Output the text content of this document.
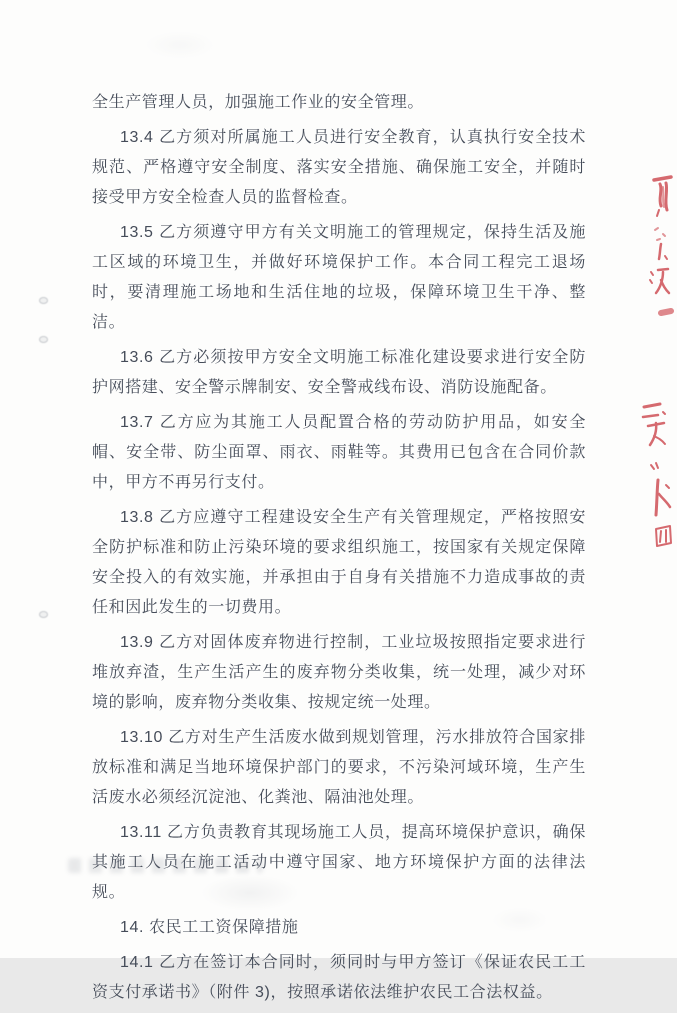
全生产管理人员，加强施工作业的安全管理。

13.4 乙方须对所属施工人员进行安全教育，认真执行安全技术规范、严格遵守安全制度、落实安全措施、确保施工安全，并随时接受甲方安全检查人员的监督检查。

13.5 乙方须遵守甲方有关文明施工的管理规定，保持生活及施工区域的环境卫生，并做好环境保护工作。本合同工程完工退场时，要清理施工场地和生活住地的垃圾，保障环境卫生干净、整洁。

13.6 乙方必须按甲方安全文明施工标准化建设要求进行安全防护网搭建、安全警示牌制安、安全警戒线布设、消防设施配备。

13.7 乙方应为其施工人员配置合格的劳动防护用品，如安全帽、安全带、防尘面罩、雨衣、雨鞋等。其费用已包含在合同价款中，甲方不再另行支付。

13.8 乙方应遵守工程建设安全生产有关管理规定，严格按照安全防护标准和防止污染环境的要求组织施工，按国家有关规定保障安全投入的有效实施，并承担由于自身有关措施不力造成事故的责任和因此发生的一切费用。

13.9 乙方对固体废弃物进行控制，工业垃圾按照指定要求进行堆放弃渣，生产生活产生的废弃物分类收集，统一处理，减少对环境的影响，废弃物分类收集、按规定统一处理。

13.10 乙方对生产生活废水做到规划管理，污水排放符合国家排放标准和满足当地环境保护部门的要求，不污染河域环境，生产生活废水必须经沉淀池、化粪池、隔油池处理。

13.11 乙方负责教育其现场施工人员，提高环境保护意识，确保其施工人员在施工活动中遵守国家、地方环境保护方面的法律法规。

14. 农民工工资保障措施

14.1 乙方在签订本合同时，须同时与甲方签订《保证农民工工资支付承诺书》（附件 3)，按照承诺依法维护农民工合法权益。
